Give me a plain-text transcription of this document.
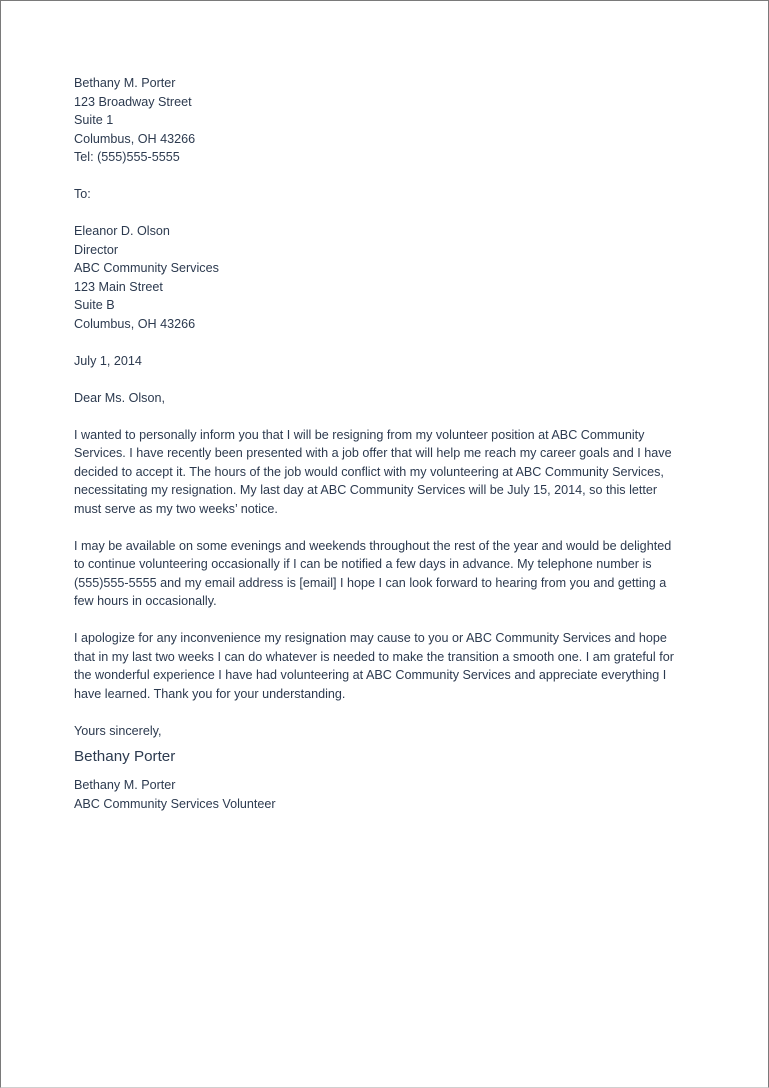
Bethany M. Porter
123 Broadway Street
Suite 1
Columbus, OH 43266
Tel: (555)555-5555
To:
Eleanor D. Olson
Director
ABC Community Services
123 Main Street
Suite B
Columbus, OH 43266
July 1, 2014
Dear Ms. Olson,
I wanted to personally inform you that I will be resigning from my volunteer position at ABC Community
Services. I have recently been presented with a job offer that will help me reach my career goals and I have
decided to accept it. The hours of the job would conflict with my volunteering at ABC Community Services,
necessitating my resignation. My last day at ABC Community Services will be July 15, 2014, so this letter
must serve as my two weeks’ notice.
I may be available on some evenings and weekends throughout the rest of the year and would be delighted
to continue volunteering occasionally if I can be notified a few days in advance. My telephone number is
(555)555-5555 and my email address is [email] I hope I can look forward to hearing from you and getting a
few hours in occasionally.
I apologize for any inconvenience my resignation may cause to you or ABC Community Services and hope
that in my last two weeks I can do whatever is needed to make the transition a smooth one. I am grateful for
the wonderful experience I have had volunteering at ABC Community Services and appreciate everything I
have learned. Thank you for your understanding.
Yours sincerely,
Bethany Porter
Bethany M. Porter
ABC Community Services Volunteer
